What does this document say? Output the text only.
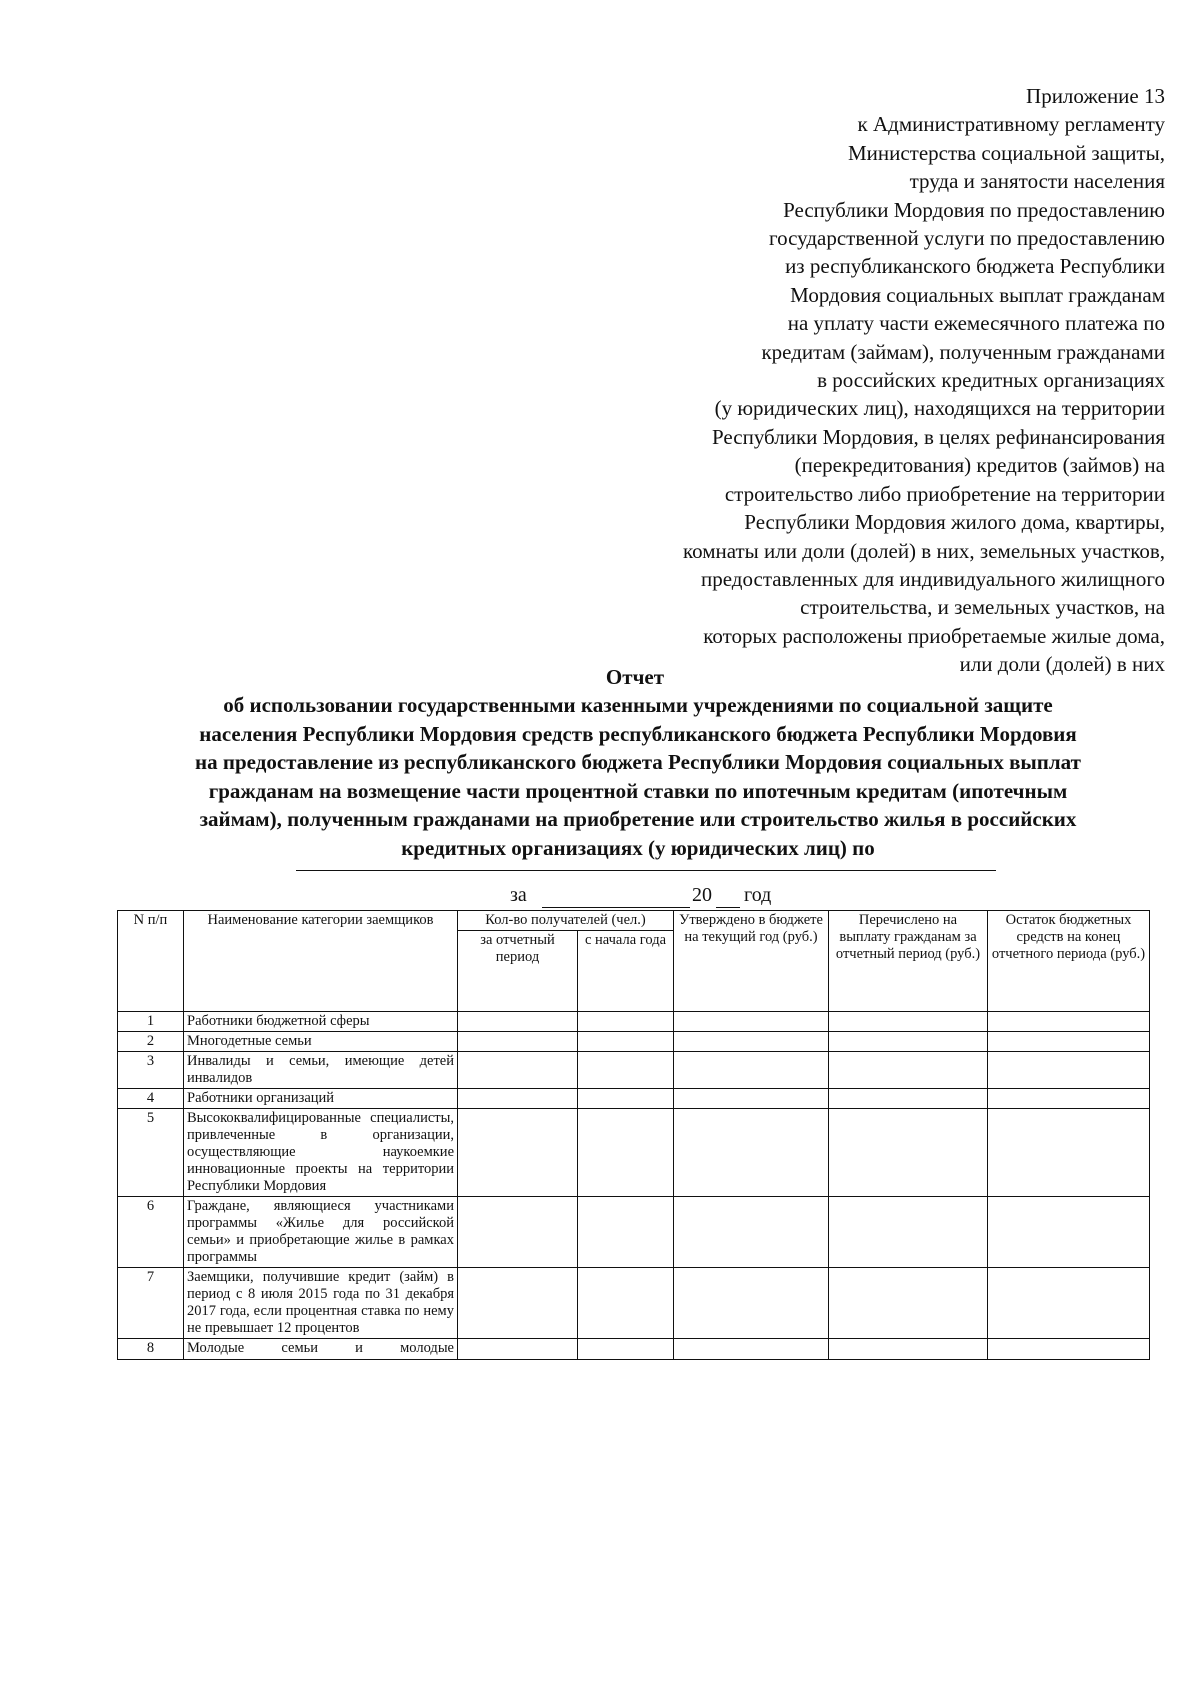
Приложение 13
к Административному регламенту
Министерства социальной защиты,
труда и занятости населения
Республики Мордовия по предоставлению
государственной услуги по предоставлению
из республиканского бюджета Республики
Мордовия социальных выплат гражданам
на уплату части ежемесячного платежа по
кредитам (займам), полученным гражданами
в российских кредитных организациях
(у юридических лиц), находящихся на территории
Республики Мордовия, в целях рефинансирования
(перекредитования) кредитов (займов) на
строительство либо приобретение на территории
Республики Мордовия жилого дома, квартиры,
комнаты или доли (долей) в них, земельных участков,
предоставленных для индивидуального жилищного
строительства, и земельных участков, на
которых расположены приобретаемые жилые дома,
или доли (долей) в них
Отчет
об использовании государственными казенными учреждениями по социальной защите
населения Республики Мордовия средств республиканского бюджета Республики Мордовия
на предоставление из республиканского бюджета Республики Мордовия социальных выплат
гражданам на возмещение части процентной ставки по ипотечным кредитам (ипотечным
займам), полученным гражданами на приобретение или строительство жилья в российских
кредитных организациях (у юридических лиц) по
за	20 год
N п/п	Наименование категории заемщиков	Кол-во получателей (чел.)		Утверждено в бюджете на текущий год (руб.)	Перечислено на выплату гражданам за отчетный период (руб.)	Остаток бюджетных средств на конец отчетного периода (руб.)
		за отчетный период	с начала года			
1	Работники бюджетной сферы					
2	Многодетные семьи					
3	Инвалиды и семьи, имеющие детей инвалидов					
4	Работники организаций					
5	Высококвалифицированные специалисты, привлеченные в организации, осуществляющие наукоемкие инновационные проекты на территории Республики Мордовия					
6	Граждане, являющиеся участниками программы «Жилье для российской семьи» и приобретающие жилье в рамках программы					
7	Заемщики, получившие кредит (займ) в период с 8 июля 2015 года по 31 декабря 2017 года, если процентная ставка по нему не превышает 12 процентов					
8	Молодые семьи и молодые					
